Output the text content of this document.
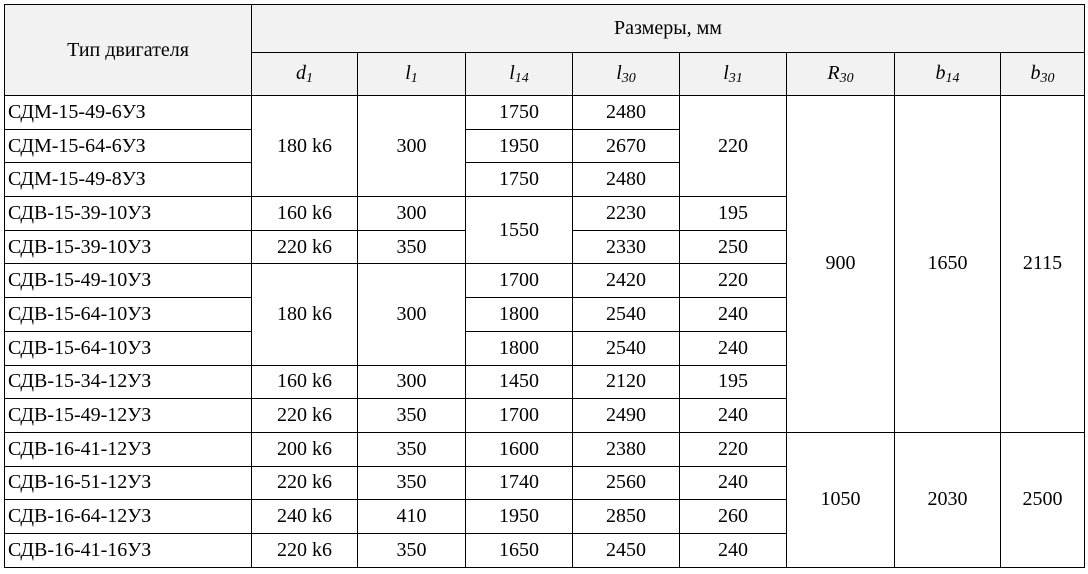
Тип двигателя	Размеры, мм							
	$d_1$	$l_1$	$l_{14}$	$l_{30}$	$l_{31}$	$R_{30}$	$b_{14}$	$b_{30}$
СДМ-15-49-6УЗ	180 k6	300	1750	2480	220	900	1650	2115
СДМ-15-64-6УЗ			1950	2670				
СДМ-15-49-8УЗ			1750	2480				
СДВ-15-39-10УЗ	160 k6	300	1550	2230	195			
СДВ-15-39-10УЗ	220 k6	350		2330	250			
СДВ-15-49-10УЗ	180 k6	300	1700	2420	220			
СДВ-15-64-10УЗ			1800	2540	240			
СДВ-15-64-10УЗ			1800	2540	240			
СДВ-15-34-12УЗ	160 k6	300	1450	2120	195			
СДВ-15-49-12УЗ	220 k6	350	1700	2490	240			
СДВ-16-41-12УЗ	200 k6	350	1600	2380	220	1050	2030	2500
СДВ-16-51-12УЗ	220 k6	350	1740	2560	240			
СДВ-16-64-12УЗ	240 k6	410	1950	2850	260			
СДВ-16-41-16УЗ	220 k6	350	1650	2450	240			
